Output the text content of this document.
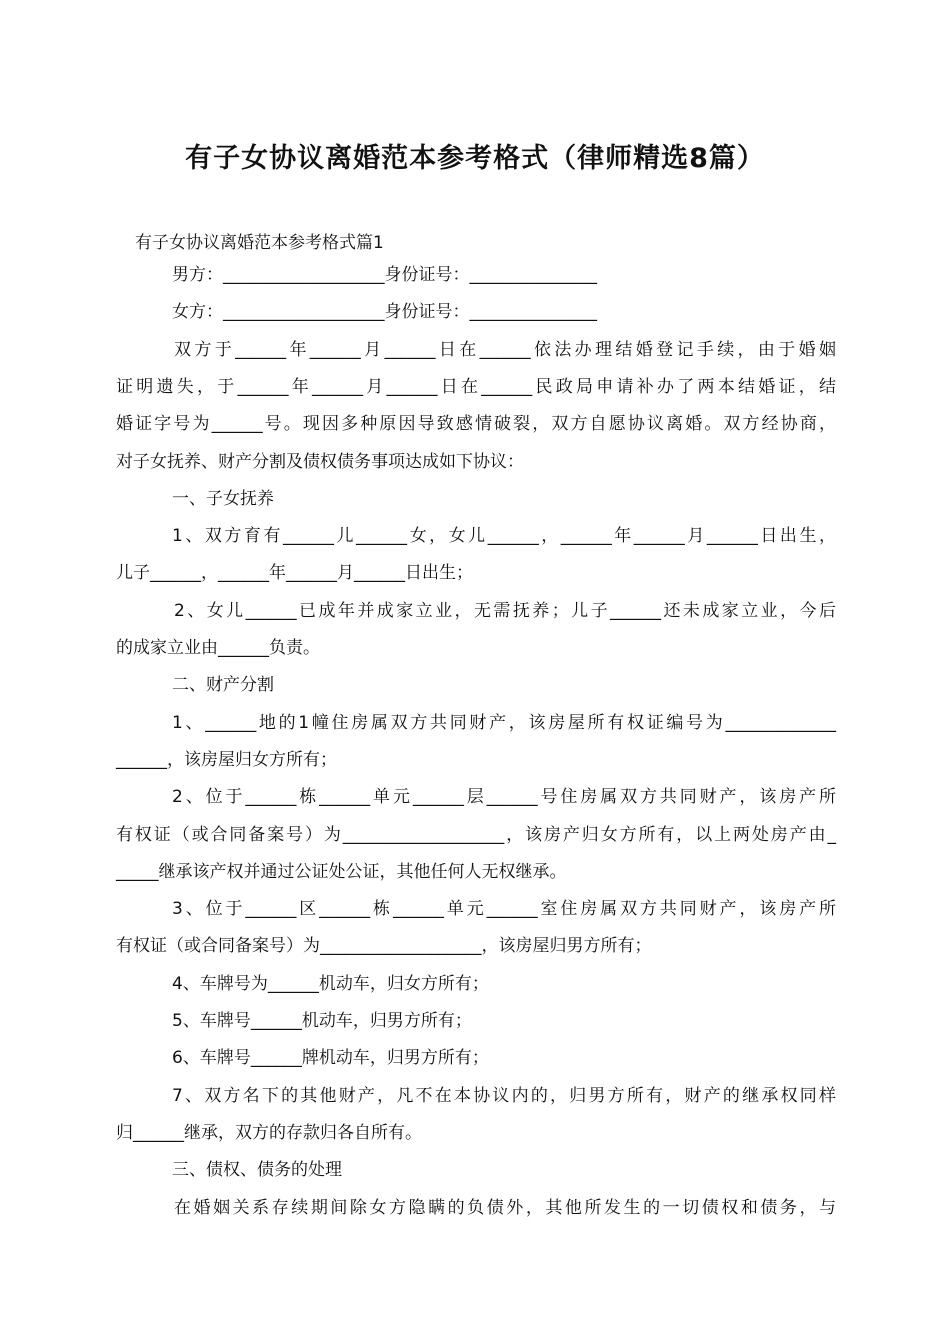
有子女协议离婚范本参考格式（律师精选8篇）
有子女协议离婚范本参考格式篇1
男方：___________________身份证号：_______________
女方：___________________身份证号：_______________
双方于______年______月______日在______依法办理结婚登记手续，由于婚姻
证明遗失，于______年______月______日在______民政局申请补办了两本结婚证，结
婚证字号为______号。现因多种原因导致感情破裂，双方自愿协议离婚。双方经协商，
对子女抚养、财产分割及债权债务事项达成如下协议：
一、子女抚养
1、双方育有______儿______女，女儿______，______年______月______日出生，
儿子______，______年______月______日出生；
2、女儿______已成年并成家立业，无需抚养；儿子______还未成家立业，今后
的成家立业由______负责。
二、财产分割
1、______地的1幢住房属双方共同财产，该房屋所有权证编号为_____________
______，该房屋归女方所有；
2、位于______栋______单元______层______号住房属双方共同财产，该房产所
有权证（或合同备案号）为___________________，该房产归女方所有，以上两处房产由_
_____继承该产权并通过公证处公证，其他任何人无权继承。
3、位于______区______栋______单元______室住房属双方共同财产，该房产所
有权证（或合同备案号）为___________________，该房屋归男方所有；
4、车牌号为______机动车，归女方所有；
5、车牌号______机动车，归男方所有；
6、车牌号______牌机动车，归男方所有；
7、双方名下的其他财产，凡不在本协议内的，归男方所有，财产的继承权同样
归______继承，双方的存款归各自所有。
三、债权、债务的处理
在婚姻关系存续期间除女方隐瞒的负债外，其他所发生的一切债权和债务，与
